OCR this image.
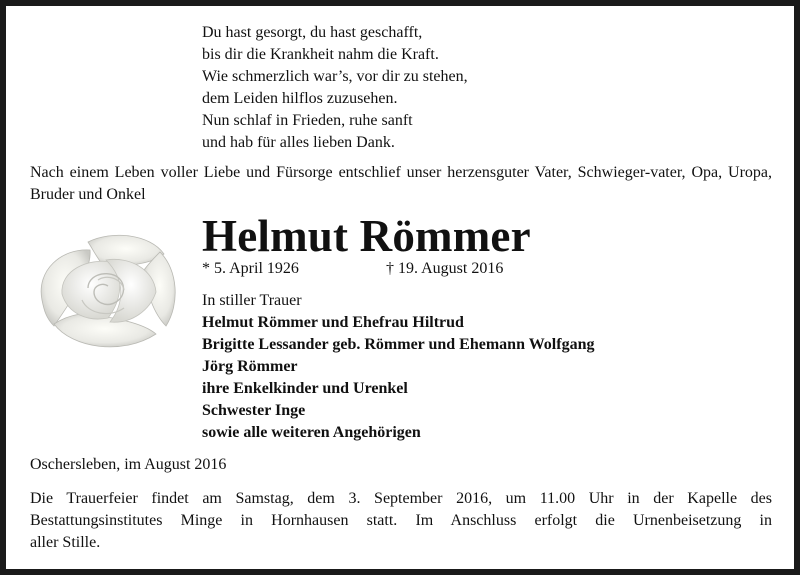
Du hast gesorgt, du hast geschafft,
bis dir die Krankheit nahm die Kraft.
Wie schmerzlich war’s, vor dir zu stehen,
dem Leiden hilflos zuzusehen.
Nun schlaf in Frieden, ruhe sanft
und hab für alles lieben Dank.
Nach einem Leben voller Liebe und Fürsorge entschlief unser herzensguter Vater, Schwieger-vater, Opa, Uropa, Bruder und Onkel
Helmut Römmer
* 5. April 1926	† 19. August 2016
In stiller Trauer
Helmut Römmer und Ehefrau Hiltrud
Brigitte Lessander geb. Römmer und Ehemann Wolfgang
Jörg Römmer
ihre Enkelkinder und Urenkel
Schwester Inge
sowie alle weiteren Angehörigen
Oschersleben, im August 2016
Die Trauerfeier findet am Samstag, dem 3. September 2016, um 11.00 Uhr in der Kapelle des
Bestattungsinstitutes Minge in Hornhausen statt. Im Anschluss erfolgt die Urnenbeisetzung in
aller Stille.
